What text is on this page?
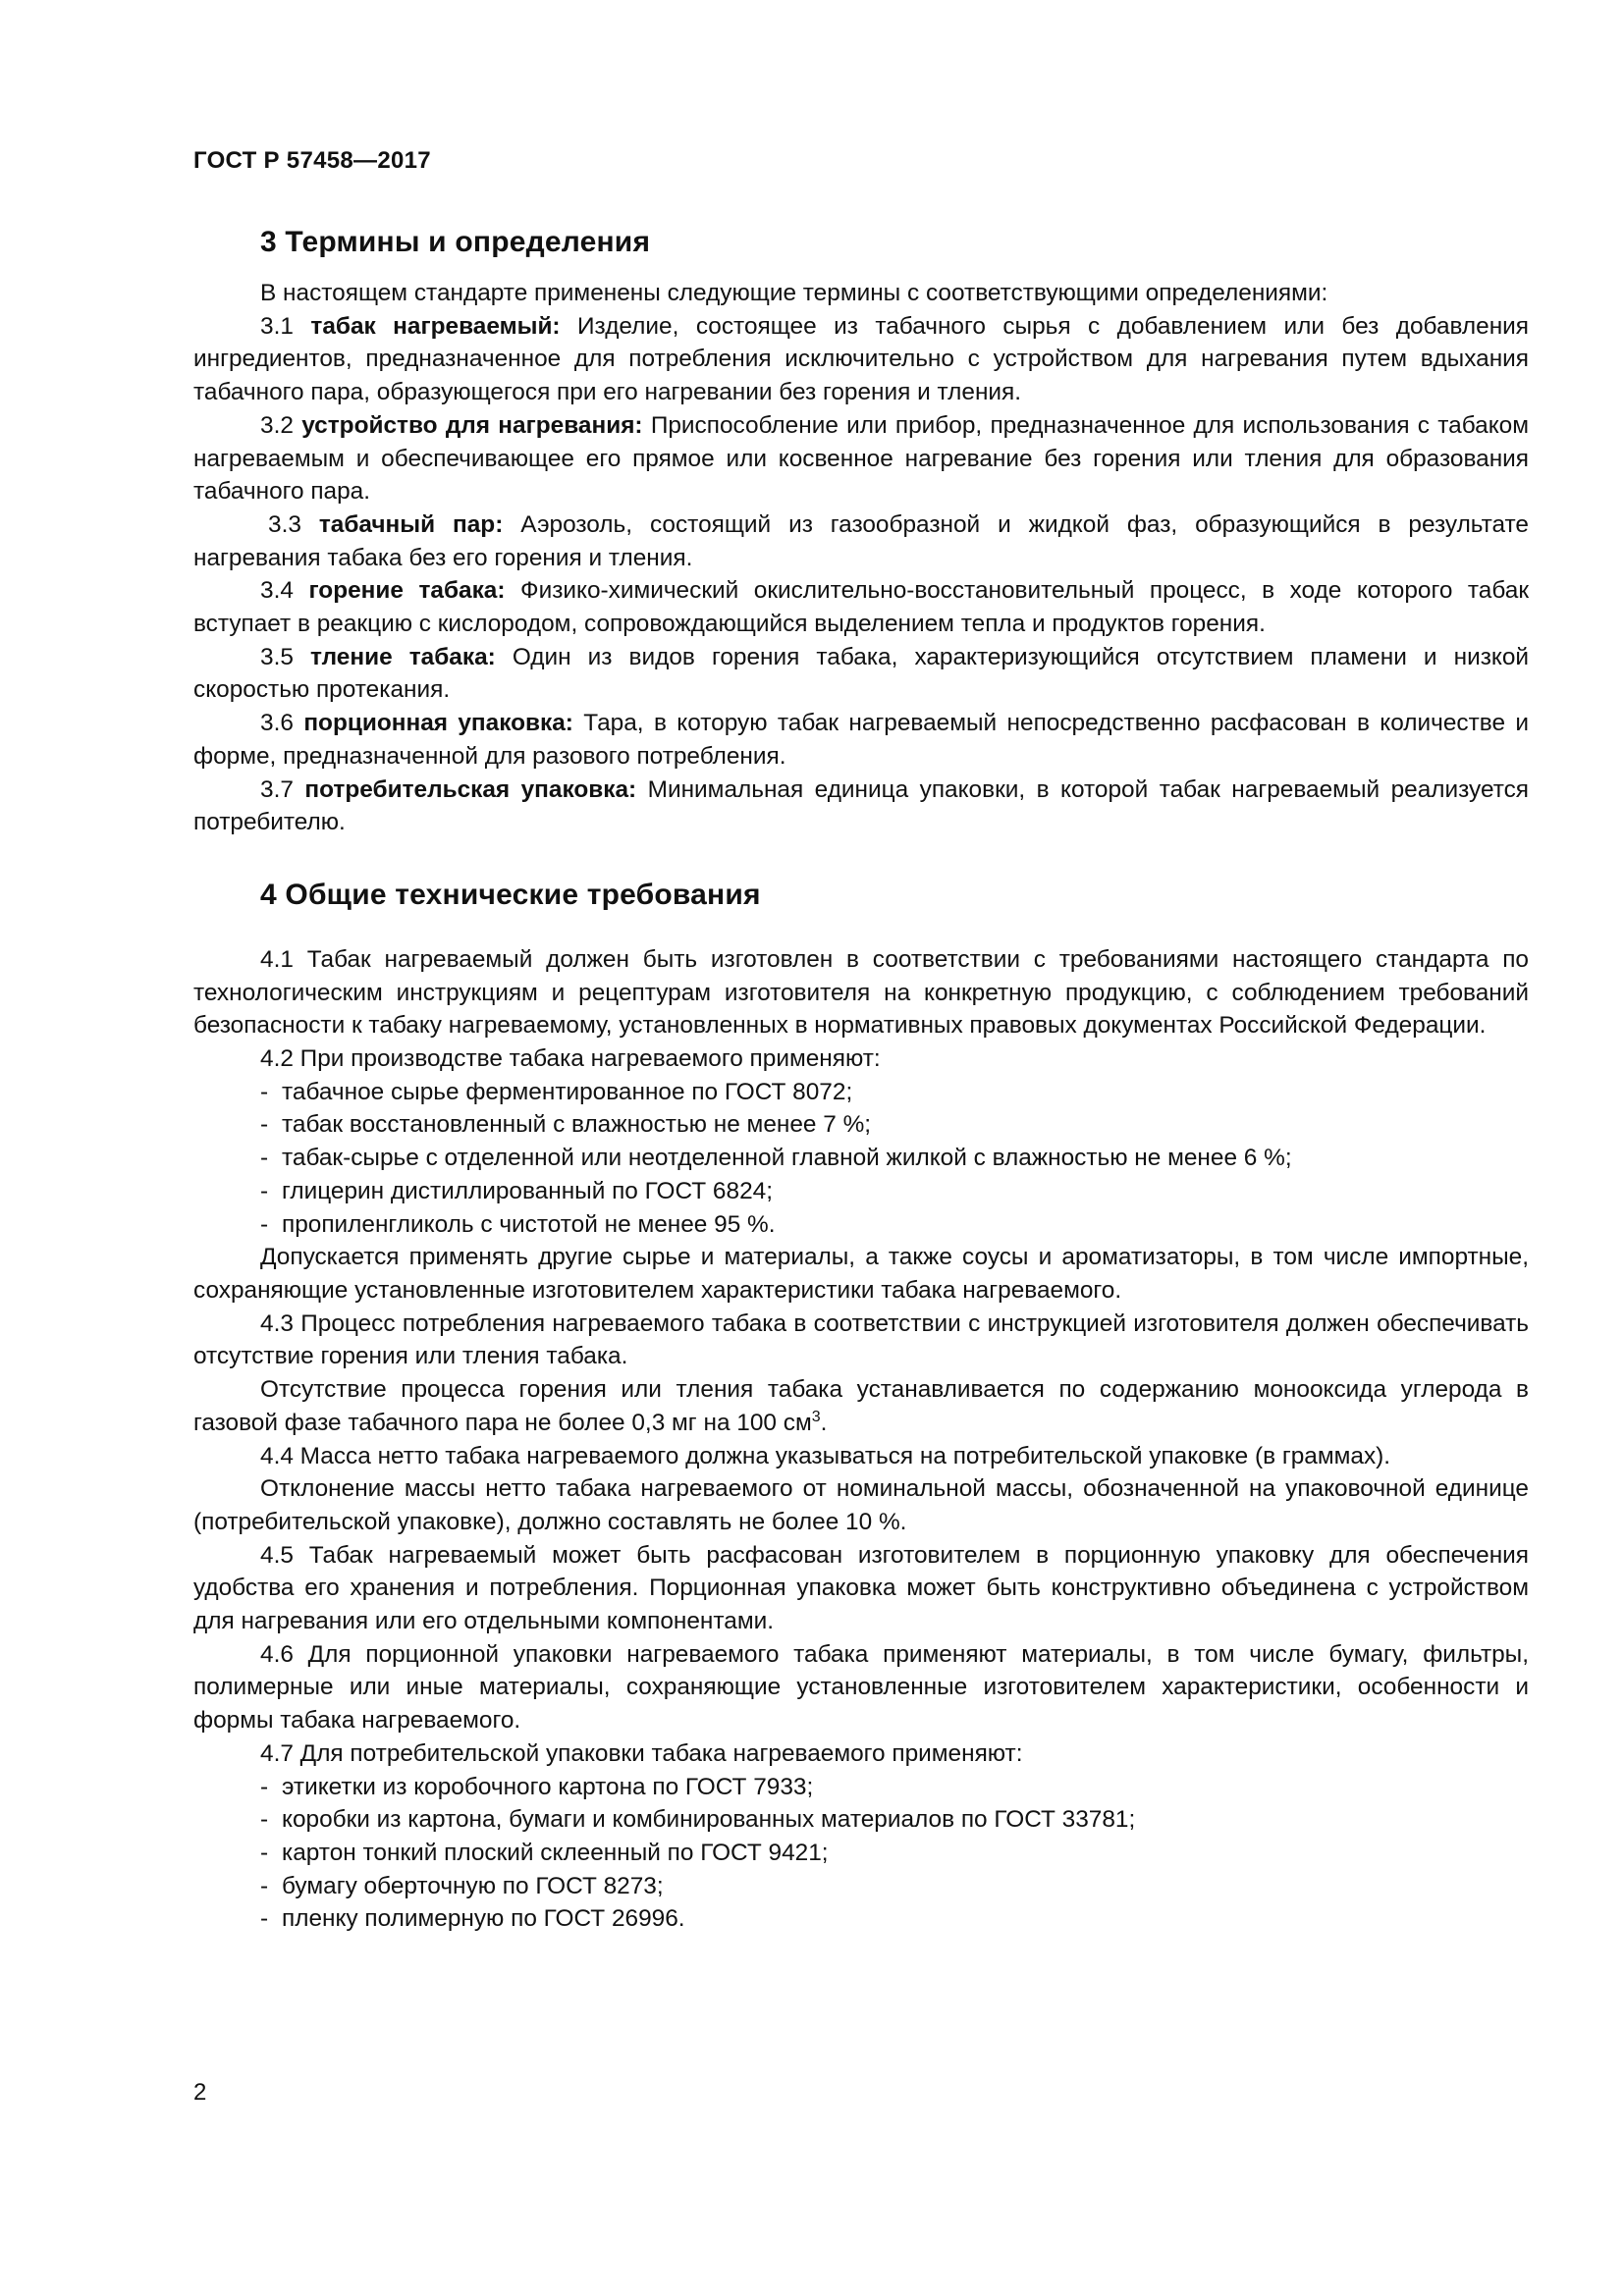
ГОСТ Р 57458—2017
3 Термины и определения

В настоящем стандарте применены следующие термины с соответствующими определениями:

3.1 табак нагреваемый: Изделие, состоящее из табачного сырья с добавлением или без добавления ингредиентов, предназначенное для потребления исключительно с устройством для нагревания путем вдыхания табачного пара, образующегося при его нагревании без горения и тления.

3.2 устройство для нагревания: Приспособление или прибор, предназначенное для использования с табаком нагреваемым и обеспечивающее его прямое или косвенное нагревание без горения или тления для образования табачного пара.

3.3 табачный пар: Аэрозоль, состоящий из газообразной и жидкой фаз, образующийся в результате нагревания табака без его горения и тления.

3.4 горение табака: Физико-химический окислительно-восстановительный процесс, в ходе которого табак вступает в реакцию с кислородом, сопровождающийся выделением тепла и продуктов горения.

3.5 тление табака: Один из видов горения табака, характеризующийся отсутствием пламени и низкой скоростью протекания.

3.6 порционная упаковка: Тара, в которую табак нагреваемый непосредственно расфасован в количестве и форме, предназначенной для разового потребления.

3.7 потребительская упаковка: Минимальная единица упаковки, в которой табак нагреваемый реализуется потребителю.

4 Общие технические требования

4.1 Табак нагреваемый должен быть изготовлен в соответствии с требованиями настоящего стандарта по технологическим инструкциям и рецептурам изготовителя на конкретную продукцию, с соблюдением требований безопасности к табаку нагреваемому, установленных в нормативных правовых документах Российской Федерации.

4.2 При производстве табака нагреваемого применяют:

- табачное сырье ферментированное по ГОСТ 8072;
- табак восстановленный с влажностью не менее 7 %;
- табак-сырье с отделенной или неотделенной главной жилкой с влажностью не менее 6 %;
- глицерин дистиллированный по ГОСТ 6824;
- пропиленгликоль с чистотой не менее 95 %.

Допускается применять другие сырье и материалы, а также соусы и ароматизаторы, в том числе импортные, сохраняющие установленные изготовителем характеристики табака нагреваемого.

4.3 Процесс потребления нагреваемого табака в соответствии с инструкцией изготовителя должен обеспечивать отсутствие горения или тления табака.

Отсутствие процесса горения или тления табака устанавливается по содержанию монооксида углерода в газовой фазе табачного пара не более 0,3 мг на 100 $см^3$.

4.4 Масса нетто табака нагреваемого должна указываться на потребительской упаковке (в граммах).

Отклонение массы нетто табака нагреваемого от номинальной массы, обозначенной на упаковочной единице (потребительской упаковке), должно составлять не более 10 %.

4.5 Табак нагреваемый может быть расфасован изготовителем в порционную упаковку для обеспечения удобства его хранения и потребления. Порционная упаковка может быть конструктивно объединена с устройством для нагревания или его отдельными компонентами.

4.6 Для порционной упаковки нагреваемого табака применяют материалы, в том числе бумагу, фильтры, полимерные или иные материалы, сохраняющие установленные изготовителем характеристики, особенности и формы табака нагреваемого.

4.7 Для потребительской упаковки табака нагреваемого применяют:

- этикетки из коробочного картона по ГОСТ 7933;
- коробки из картона, бумаги и комбинированных материалов по ГОСТ 33781;
- картон тонкий плоский склеенный по ГОСТ 9421;
- бумагу оберточную по ГОСТ 8273;
- пленку полимерную по ГОСТ 26996.
2
